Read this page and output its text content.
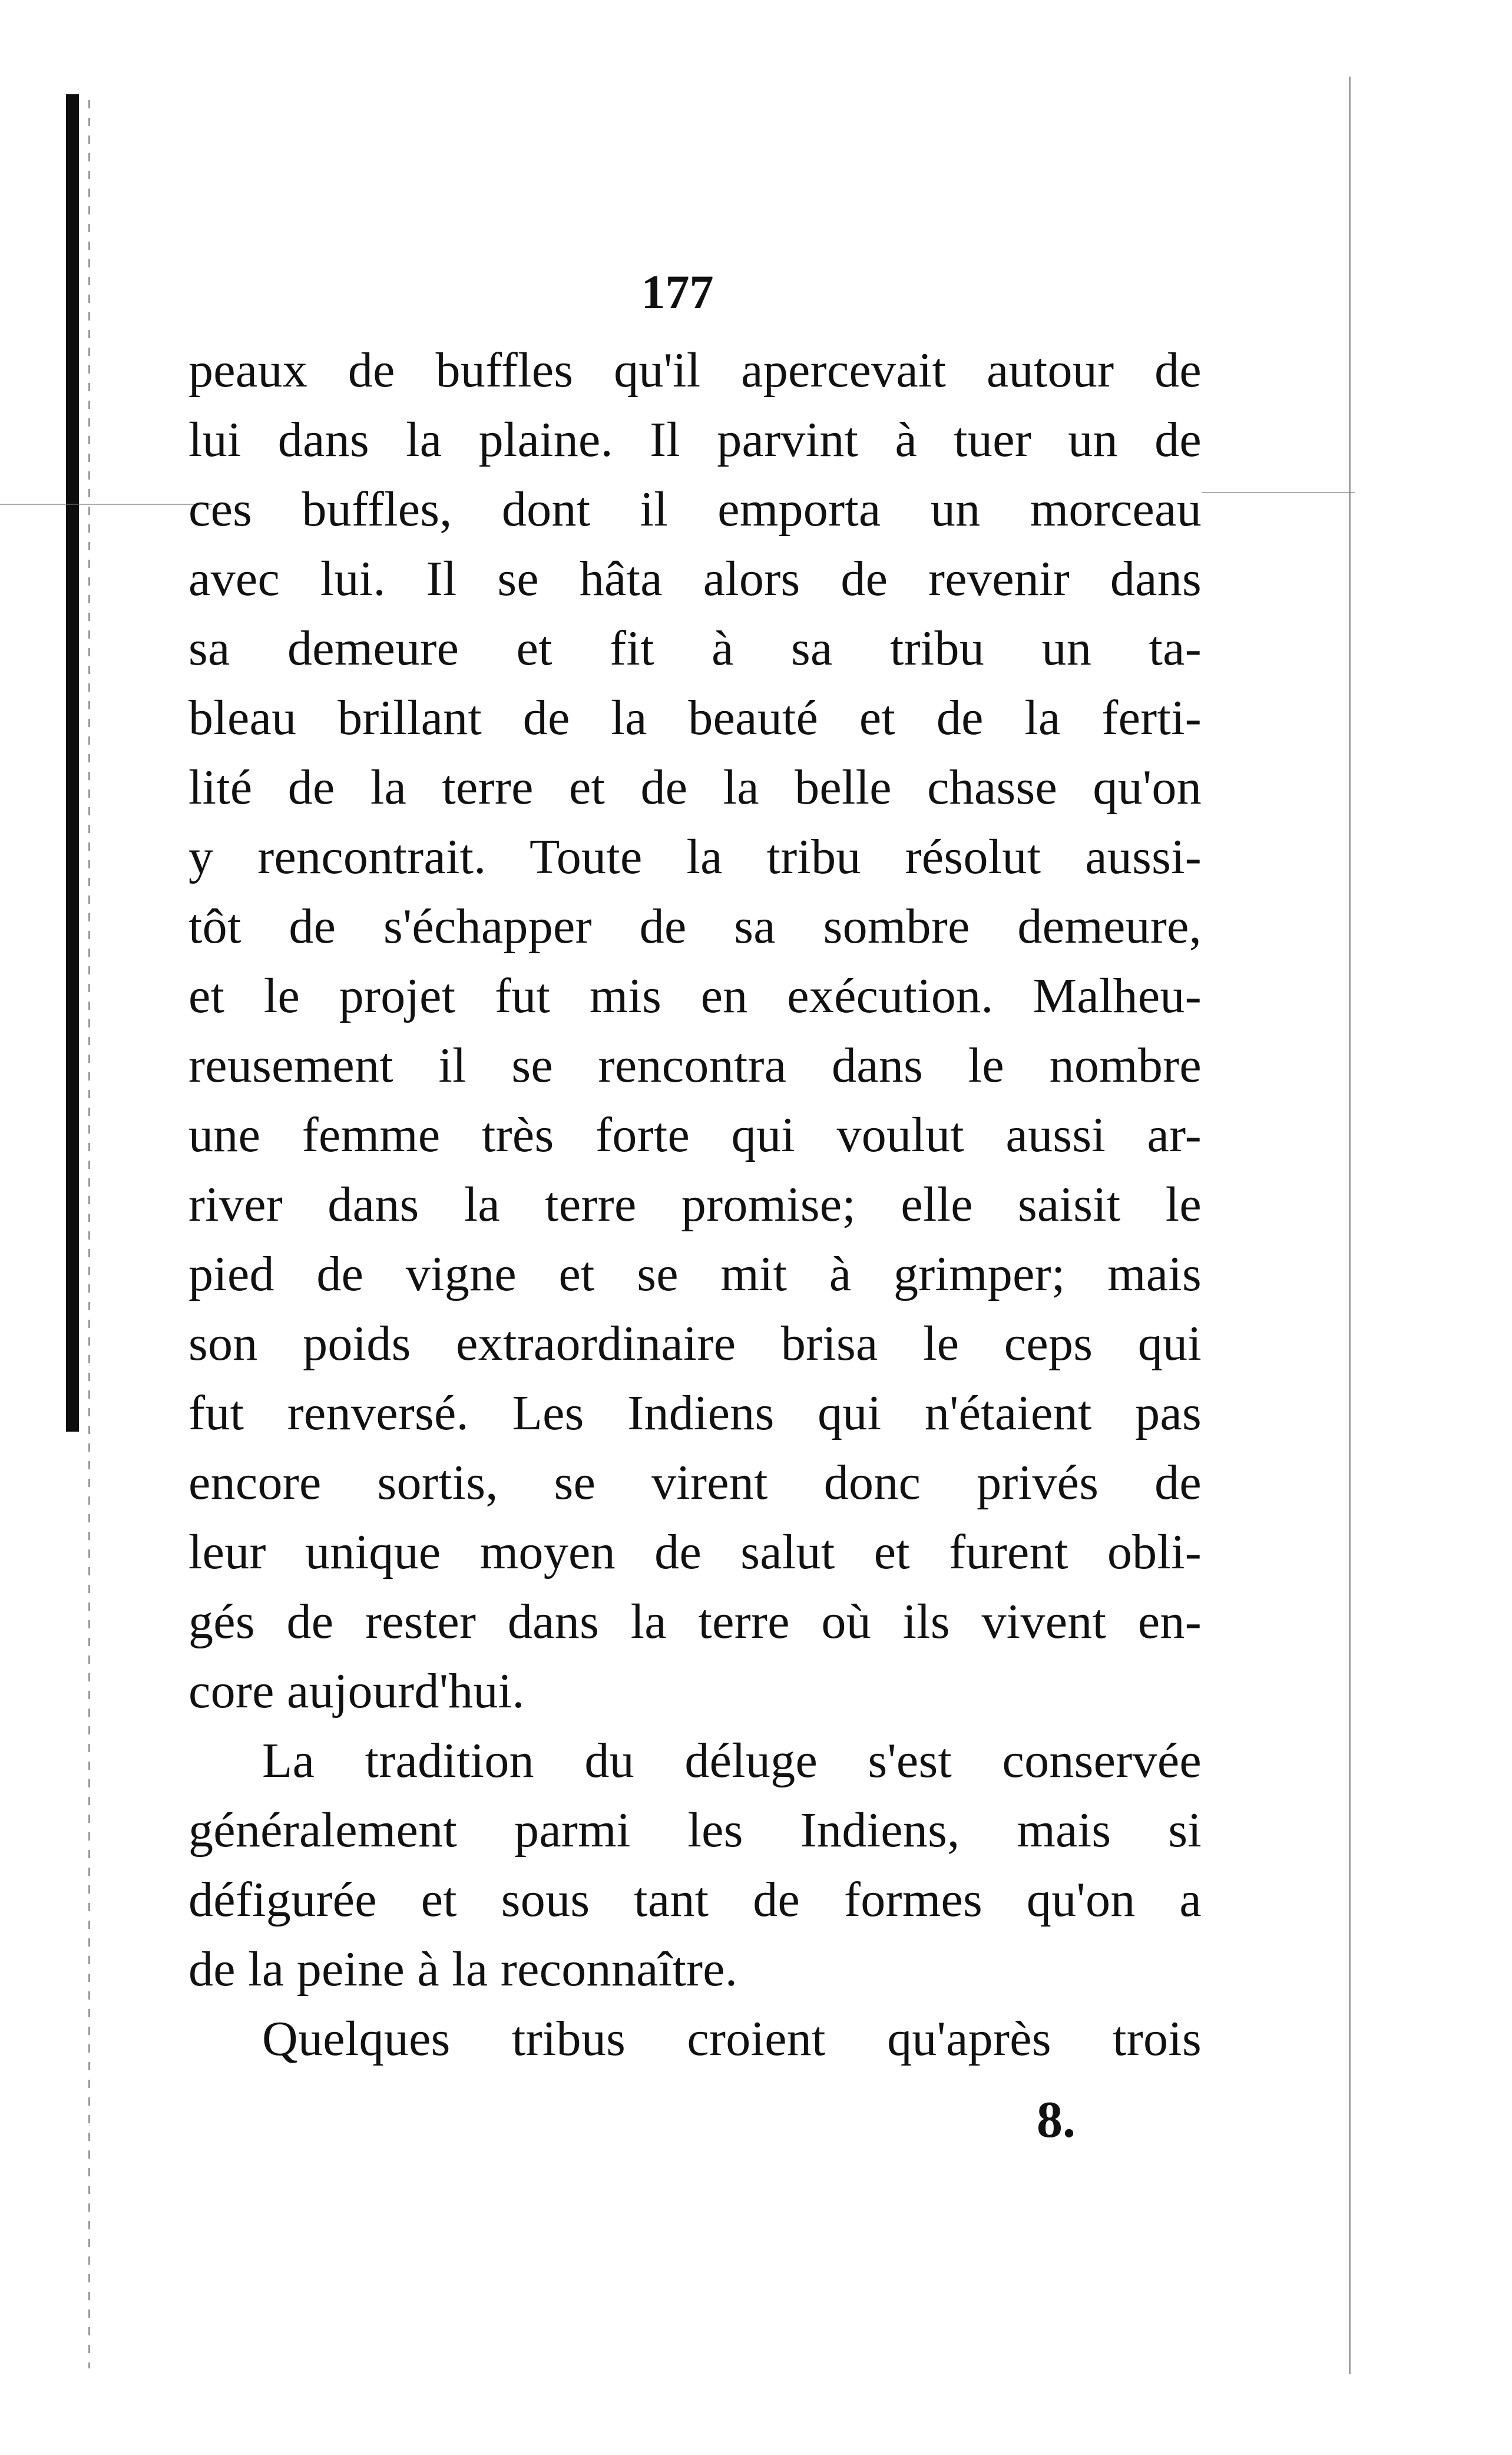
177
peaux de buffles qu'il apercevait autour de
lui dans la plaine. Il parvint à tuer un de
ces buffles, dont il emporta un morceau
avec lui. Il se hâta alors de revenir dans
sa demeure et fit à sa tribu un ta-
bleau brillant de la beauté et de la ferti-
lité de la terre et de la belle chasse qu'on
y rencontrait. Toute la tribu résolut aussi-
tôt de s'échapper de sa sombre demeure,
et le projet fut mis en exécution. Malheu-
reusement il se rencontra dans le nombre
une femme très forte qui voulut aussi ar-
river dans la terre promise; elle saisit le
pied de vigne et se mit à grimper; mais
son poids extraordinaire brisa le ceps qui
fut renversé. Les Indiens qui n'étaient pas
encore sortis, se virent donc privés de
leur unique moyen de salut et furent obli-
gés de rester dans la terre où ils vivent en-
core aujourd'hui.
La tradition du déluge s'est conservée
généralement parmi les Indiens, mais si
défigurée et sous tant de formes qu'on a
de la peine à la reconnaître.
Quelques tribus croient qu'après trois
8.
